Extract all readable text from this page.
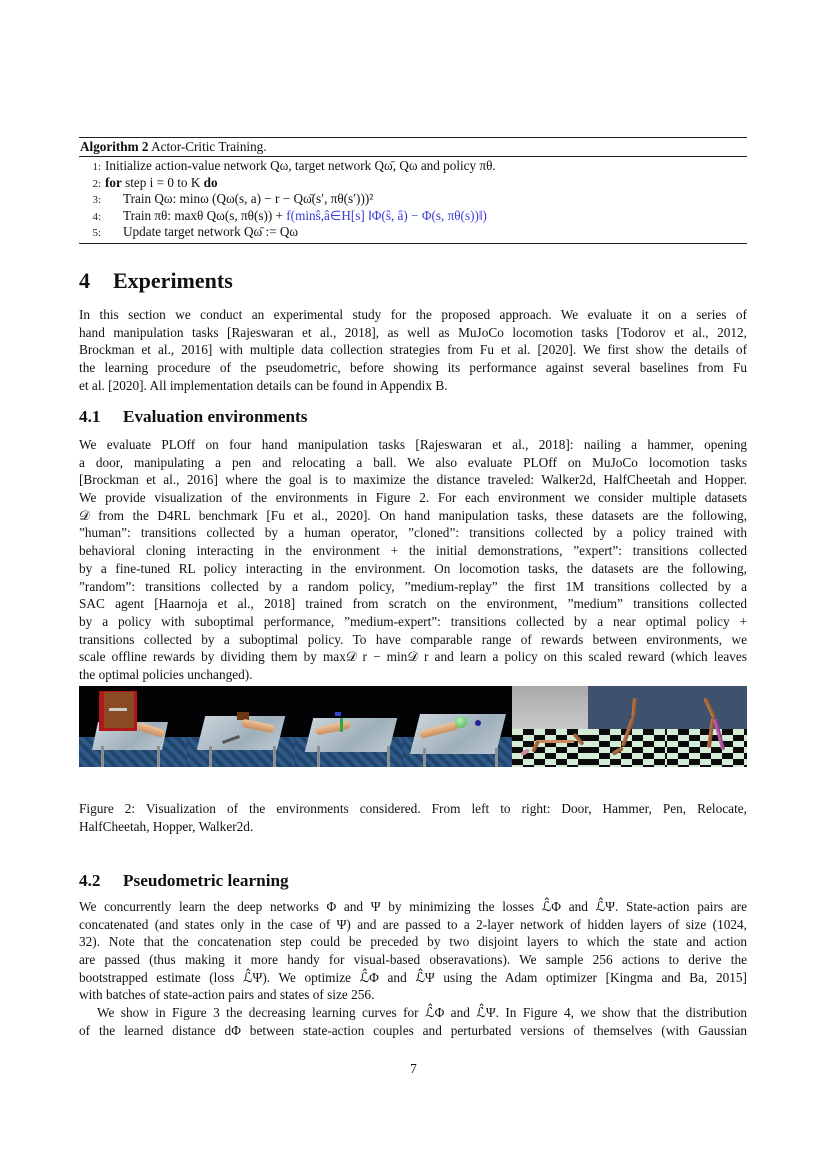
Algorithm 2 Actor-Critic Training.
1: Initialize action-value network Qω, target network Qω̄, Qω and policy πθ.
2: for step i = 0 to K do
3: Train Qω: minω (Qω(s, a) − r − Qω̄(s′, πθ(s′)))²
4: Train πθ: maxθ Qω(s, πθ(s)) + f(minŝ,â∈H[s] ‖Φ(ŝ, â) − Φ(s, πθ(s))‖)
5: Update target network Qω̄ := Qω
4 Experiments
In this section we conduct an experimental study for the proposed approach. We evaluate it on a series of
hand manipulation tasks [Rajeswaran et al., 2018], as well as MuJoCo locomotion tasks [Todorov et al., 2012,
Brockman et al., 2016] with multiple data collection strategies from Fu et al. [2020]. We first show the details of
the learning procedure of the pseudometric, before showing its performance against several baselines from Fu
et al. [2020]. All implementation details can be found in Appendix B.
4.1 Evaluation environments
We evaluate PLOff on four hand manipulation tasks [Rajeswaran et al., 2018]: nailing a hammer, opening
a door, manipulating a pen and relocating a ball. We also evaluate PLOff on MuJoCo locomotion tasks
[Brockman et al., 2016] where the goal is to maximize the distance traveled: Walker2d, HalfCheetah and Hopper.
We provide visualization of the environments in Figure 2. For each environment we consider multiple datasets
𝒟 from the D4RL benchmark [Fu et al., 2020]. On hand manipulation tasks, these datasets are the following,
”human”: transitions collected by a human operator, ”cloned”: transitions collected by a policy trained with
behavioral cloning interacting in the environment + the initial demonstrations, ”expert”: transitions collected
by a fine-tuned RL policy interacting in the environment. On locomotion tasks, the datasets are the following,
”random”: transitions collected by a random policy, ”medium-replay” the first 1M transitions collected by a
SAC agent [Haarnoja et al., 2018] trained from scratch on the environment, ”medium” transitions collected
by a policy with suboptimal performance, ”medium-expert”: transitions collected by a near optimal policy +
transitions collected by a suboptimal policy. To have comparable range of rewards between environments, we
scale offline rewards by dividing them by max𝒟 r − min𝒟 r and learn a policy on this scaled reward (which leaves
the optimal policies unchanged).
Figure 2: Visualization of the environments considered. From left to right: Door, Hammer, Pen, Relocate,
HalfCheetah, Hopper, Walker2d.
4.2 Pseudometric learning
We concurrently learn the deep networks Φ and Ψ by minimizing the losses ℒ̂Φ and ℒ̂Ψ. State-action pairs are
concatenated (and states only in the case of Ψ) and are passed to a 2-layer network of hidden layers of size (1024,
32). Note that the concatenation step could be preceded by two disjoint layers to which the state and action
are passed (thus making it more handy for visual-based obseravations). We sample 256 actions to derive the
bootstrapped estimate (loss ℒ̂Ψ). We optimize ℒ̂Φ and ℒ̂Ψ using the Adam optimizer [Kingma and Ba, 2015]
with batches of state-action pairs and states of size 256.
We show in Figure 3 the decreasing learning curves for ℒ̂Φ and ℒ̂Ψ. In Figure 4, we show that the distribution
of the learned distance dΦ between state-action couples and perturbated versions of themselves (with Gaussian
7
